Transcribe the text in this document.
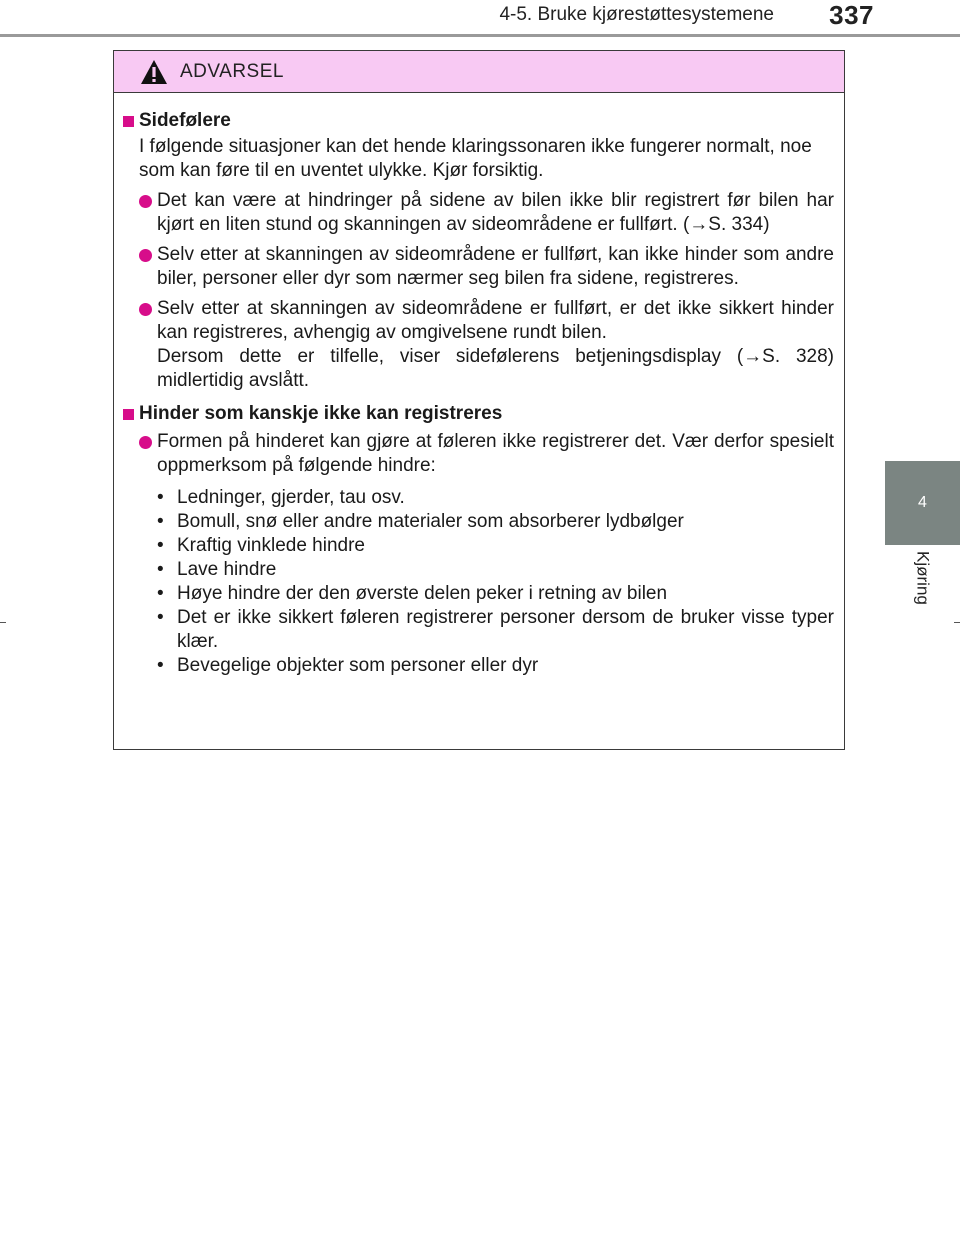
4-5. Bruke kjørestøttesystemene 337
4
Kjøring
ADVARSEL
Sidefølere
I følgende situasjoner kan det hende klaringssonaren ikke fungerer normalt, noe som kan føre til en uventet ulykke. Kjør forsiktig.
Det kan være at hindringer på sidene av bilen ikke blir registrert før bilen har kjørt en liten stund og skanningen av sideområdene er fullført. (→S. 334)
Selv etter at skanningen av sideområdene er fullført, kan ikke hinder som andre biler, personer eller dyr som nærmer seg bilen fra sidene, registreres.
Selv etter at skanningen av sideområdene er fullført, er det ikke sikkert hinder kan registreres, avhengig av omgivelsene rundt bilen.
Dersom dette er tilfelle, viser sidefølerens betjeningsdisplay (→S. 328) midlertidig avslått.
Hinder som kanskje ikke kan registreres
Formen på hinderet kan gjøre at føleren ikke registrerer det. Vær derfor spesielt oppmerksom på følgende hindre:
• Ledninger, gjerder, tau osv.
• Bomull, snø eller andre materialer som absorberer lydbølger
• Kraftig vinklede hindre
• Lave hindre
• Høye hindre der den øverste delen peker i retning av bilen
• Det er ikke sikkert føleren registrerer personer dersom de bruker visse typer klær.
• Bevegelige objekter som personer eller dyr
